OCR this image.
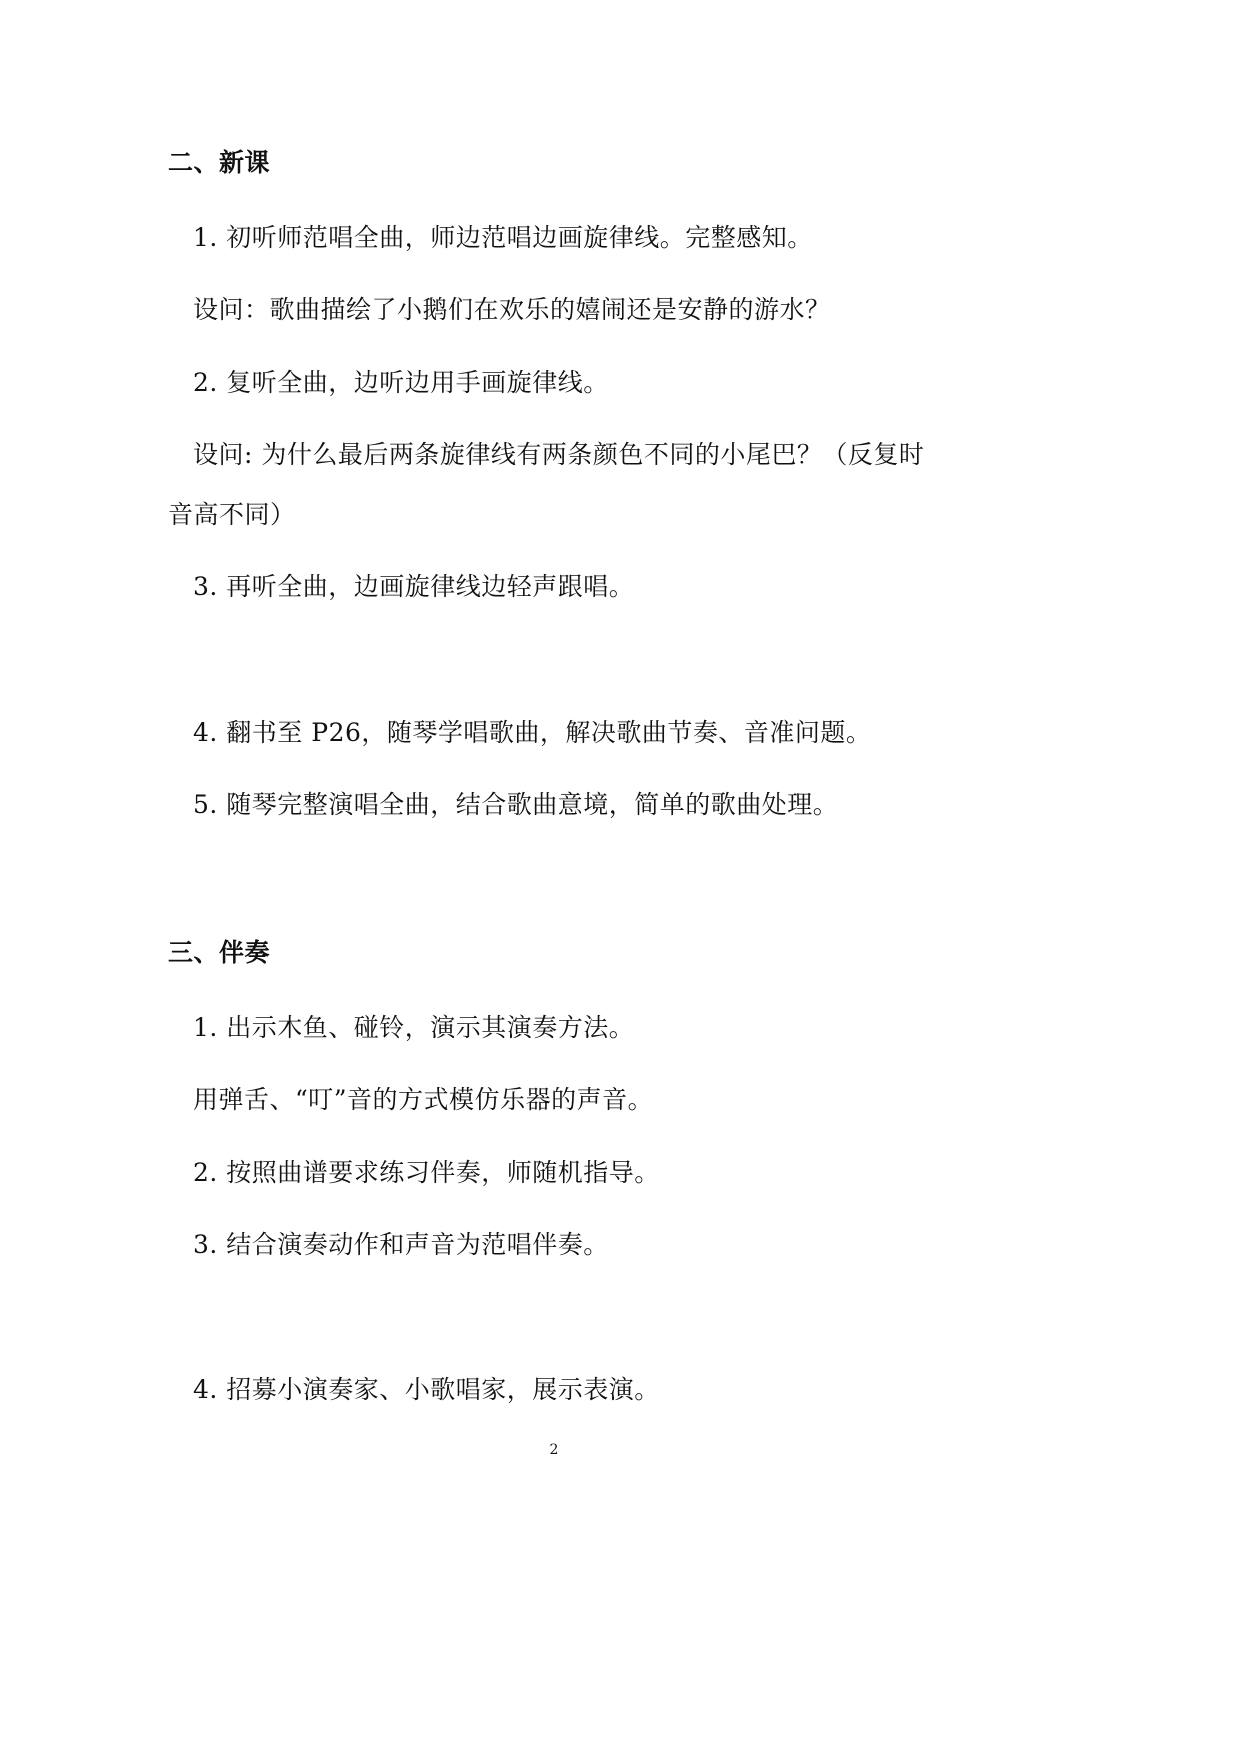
二、新课
1. 初听师范唱全曲，师边范唱边画旋律线。完整感知。
设问：歌曲描绘了小鹅们在欢乐的嬉闹还是安静的游水？
2. 复听全曲，边听边用手画旋律线。
设问: 为什么最后两条旋律线有两条颜色不同的小尾巴？（反复时
音高不同）
3. 再听全曲，边画旋律线边轻声跟唱。
4. 翻书至 P26，随琴学唱歌曲，解决歌曲节奏、音准问题。
5. 随琴完整演唱全曲，结合歌曲意境，简单的歌曲处理。
三、伴奏
1. 出示木鱼、碰铃，演示其演奏方法。
用弹舌、“叮”音的方式模仿乐器的声音。
2. 按照曲谱要求练习伴奏，师随机指导。
3. 结合演奏动作和声音为范唱伴奏。
4. 招募小演奏家、小歌唱家，展示表演。
2
